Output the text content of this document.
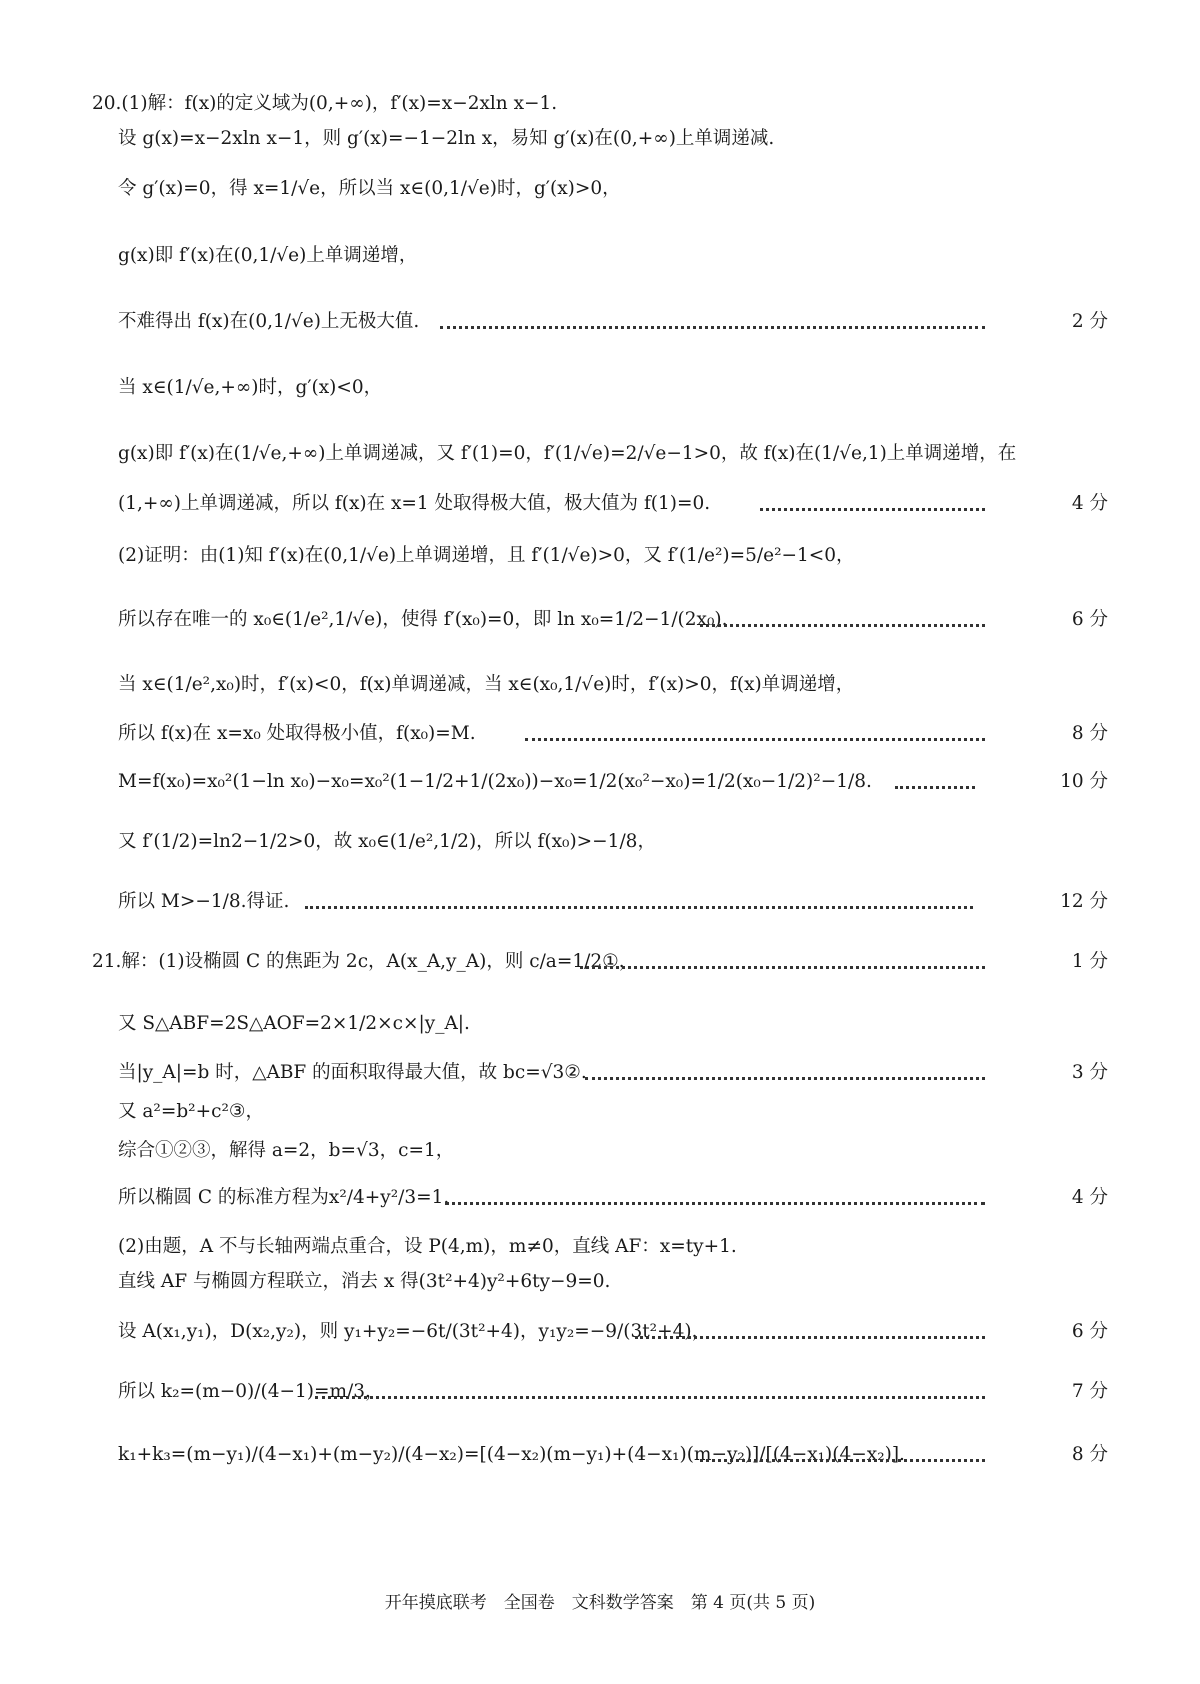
20.(1)解：f(x)的定义域为(0,+∞)，f′(x)=x−2xln x−1.
设 g(x)=x−2xln x−1，则 g′(x)=−1−2ln x，易知 g′(x)在(0,+∞)上单调递减.
令 g′(x)=0，得 x=1/√e，所以当 x∈(0,1/√e)时，g′(x)>0，
g(x)即 f′(x)在(0,1/√e)上单调递增，
不难得出 f(x)在(0,1/√e)上无极大值.	2 分
当 x∈(1/√e,+∞)时，g′(x)<0，
g(x)即 f′(x)在(1/√e,+∞)上单调递减，又 f′(1)=0，f′(1/√e)=2/√e−1>0，故 f(x)在(1/√e,1)上单调递增，在
(1,+∞)上单调递减，所以 f(x)在 x=1 处取得极大值，极大值为 f(1)=0.	4 分
(2)证明：由(1)知 f′(x)在(0,1/√e)上单调递增，且 f′(1/√e)>0，又 f′(1/e²)=5/e²−1<0，
所以存在唯一的 x₀∈(1/e²,1/√e)，使得 f′(x₀)=0，即 ln x₀=1/2−1/(2x₀).	6 分
当 x∈(1/e²,x₀)时，f′(x)<0，f(x)单调递减，当 x∈(x₀,1/√e)时，f′(x)>0，f(x)单调递增，
所以 f(x)在 x=x₀ 处取得极小值，f(x₀)=M.	8 分
M=f(x₀)=x₀²(1−ln x₀)−x₀=x₀²(1−1/2+1/(2x₀))−x₀=1/2(x₀²−x₀)=1/2(x₀−1/2)²−1/8.	10 分
又 f′(1/2)=ln2−1/2>0，故 x₀∈(1/e²,1/2)，所以 f(x₀)>−1/8，
所以 M>−1/8.得证.	12 分
21.解：(1)设椭圆 C 的焦距为 2c，A(x_A,y_A)，则 c/a=1/2①，	1 分
又 S△ABF=2S△AOF=2×1/2×c×|y_A|.
当|y_A|=b 时，△ABF 的面积取得最大值，故 bc=√3②.	3 分
又 a²=b²+c²③，
综合①②③，解得 a=2，b=√3，c=1，
所以椭圆 C 的标准方程为x²/4+y²/3=1.	4 分
(2)由题，A 不与长轴两端点重合，设 P(4,m)，m≠0，直线 AF：x=ty+1.
直线 AF 与椭圆方程联立，消去 x 得(3t²+4)y²+6ty−9=0.
设 A(x₁,y₁)，D(x₂,y₂)，则 y₁+y₂=−6t/(3t²+4)，y₁y₂=−9/(3t²+4)，	6 分
所以 k₂=(m−0)/(4−1)=m/3，	7 分
k₁+k₃=(m−y₁)/(4−x₁)+(m−y₂)/(4−x₂)=[(4−x₂)(m−y₁)+(4−x₁)(m−y₂)]/[(4−x₁)(4−x₂)].	8 分
开年摸底联考　全国卷　文科数学答案　第 4 页(共 5 页)
